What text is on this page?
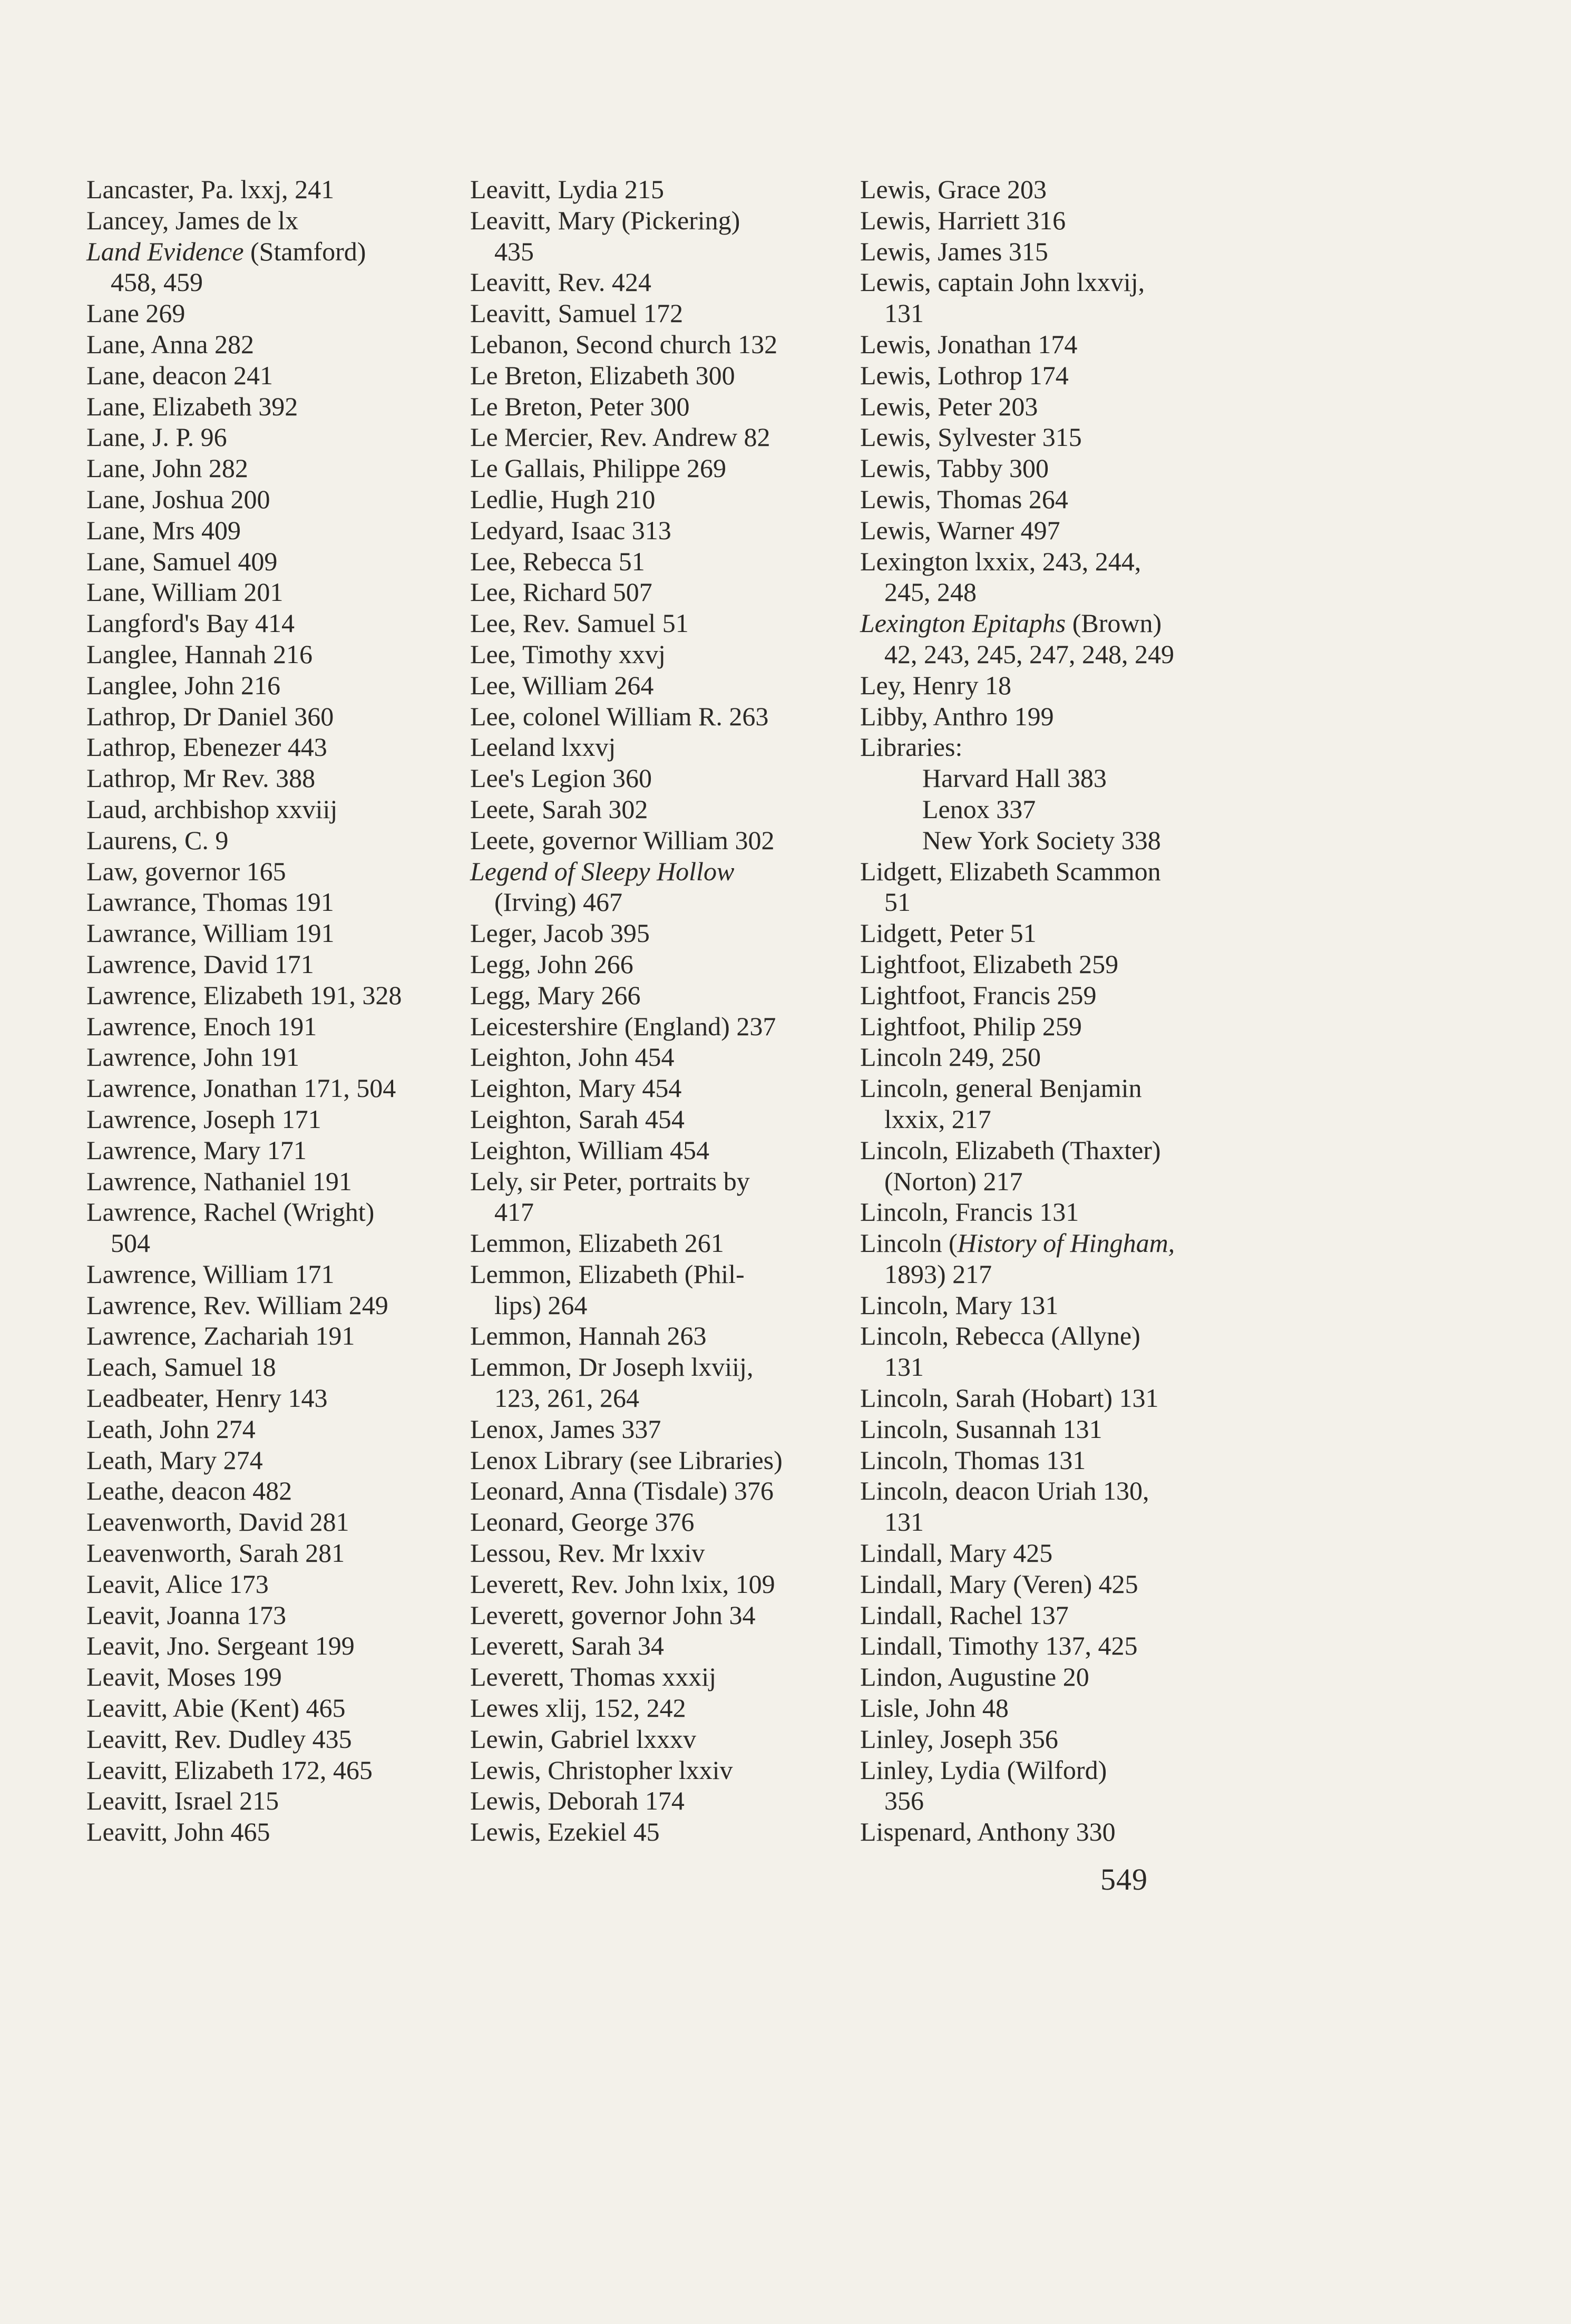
Lancaster, Pa. lxxj, 241
Lancey, James de lx
Land Evidence (Stamford)
458, 459
Lane 269
Lane, Anna 282
Lane, deacon 241
Lane, Elizabeth 392
Lane, J. P. 96
Lane, John 282
Lane, Joshua 200
Lane, Mrs 409
Lane, Samuel 409
Lane, William 201
Langford's Bay 414
Langlee, Hannah 216
Langlee, John 216
Lathrop, Dr Daniel 360
Lathrop, Ebenezer 443
Lathrop, Mr Rev. 388
Laud, archbishop xxviij
Laurens, C. 9
Law, governor 165
Lawrance, Thomas 191
Lawrance, William 191
Lawrence, David 171
Lawrence, Elizabeth 191, 328
Lawrence, Enoch 191
Lawrence, John 191
Lawrence, Jonathan 171, 504
Lawrence, Joseph 171
Lawrence, Mary 171
Lawrence, Nathaniel 191
Lawrence, Rachel (Wright)
504
Lawrence, William 171
Lawrence, Rev. William 249
Lawrence, Zachariah 191
Leach, Samuel 18
Leadbeater, Henry 143
Leath, John 274
Leath, Mary 274
Leathe, deacon 482
Leavenworth, David 281
Leavenworth, Sarah 281
Leavit, Alice 173
Leavit, Joanna 173
Leavit, Jno. Sergeant 199
Leavit, Moses 199
Leavitt, Abie (Kent) 465
Leavitt, Rev. Dudley 435
Leavitt, Elizabeth 172, 465
Leavitt, Israel 215
Leavitt, John 465
Leavitt, Lydia 215
Leavitt, Mary (Pickering)
435
Leavitt, Rev. 424
Leavitt, Samuel 172
Lebanon, Second church 132
Le Breton, Elizabeth 300
Le Breton, Peter 300
Le Mercier, Rev. Andrew 82
Le Gallais, Philippe 269
Ledlie, Hugh 210
Ledyard, Isaac 313
Lee, Rebecca 51
Lee, Richard 507
Lee, Rev. Samuel 51
Lee, Timothy xxvj
Lee, William 264
Lee, colonel William R. 263
Leeland lxxvj
Lee's Legion 360
Leete, Sarah 302
Leete, governor William 302
Legend of Sleepy Hollow
(Irving) 467
Leger, Jacob 395
Legg, John 266
Legg, Mary 266
Leicestershire (England) 237
Leighton, John 454
Leighton, Mary 454
Leighton, Sarah 454
Leighton, William 454
Lely, sir Peter, portraits by
417
Lemmon, Elizabeth 261
Lemmon, Elizabeth (Phil-
lips) 264
Lemmon, Hannah 263
Lemmon, Dr Joseph lxviij,
123, 261, 264
Lenox, James 337
Lenox Library (see Libraries)
Leonard, Anna (Tisdale) 376
Leonard, George 376
Lessou, Rev. Mr lxxiv
Leverett, Rev. John lxix, 109
Leverett, governor John 34
Leverett, Sarah 34
Leverett, Thomas xxxij
Lewes xlij, 152, 242
Lewin, Gabriel lxxxv
Lewis, Christopher lxxiv
Lewis, Deborah 174
Lewis, Ezekiel 45
Lewis, Grace 203
Lewis, Harriett 316
Lewis, James 315
Lewis, captain John lxxvij,
131
Lewis, Jonathan 174
Lewis, Lothrop 174
Lewis, Peter 203
Lewis, Sylvester 315
Lewis, Tabby 300
Lewis, Thomas 264
Lewis, Warner 497
Lexington lxxix, 243, 244,
245, 248
Lexington Epitaphs (Brown)
42, 243, 245, 247, 248, 249
Ley, Henry 18
Libby, Anthro 199
Libraries:
Harvard Hall 383
Lenox 337
New York Society 338
Lidgett, Elizabeth Scammon
51
Lidgett, Peter 51
Lightfoot, Elizabeth 259
Lightfoot, Francis 259
Lightfoot, Philip 259
Lincoln 249, 250
Lincoln, general Benjamin
lxxix, 217
Lincoln, Elizabeth (Thaxter)
(Norton) 217
Lincoln, Francis 131
Lincoln (History of Hingham,
1893) 217
Lincoln, Mary 131
Lincoln, Rebecca (Allyne)
131
Lincoln, Sarah (Hobart) 131
Lincoln, Susannah 131
Lincoln, Thomas 131
Lincoln, deacon Uriah 130,
131
Lindall, Mary 425
Lindall, Mary (Veren) 425
Lindall, Rachel 137
Lindall, Timothy 137, 425
Lindon, Augustine 20
Lisle, John 48
Linley, Joseph 356
Linley, Lydia (Wilford)
356
Lispenard, Anthony 330
549
